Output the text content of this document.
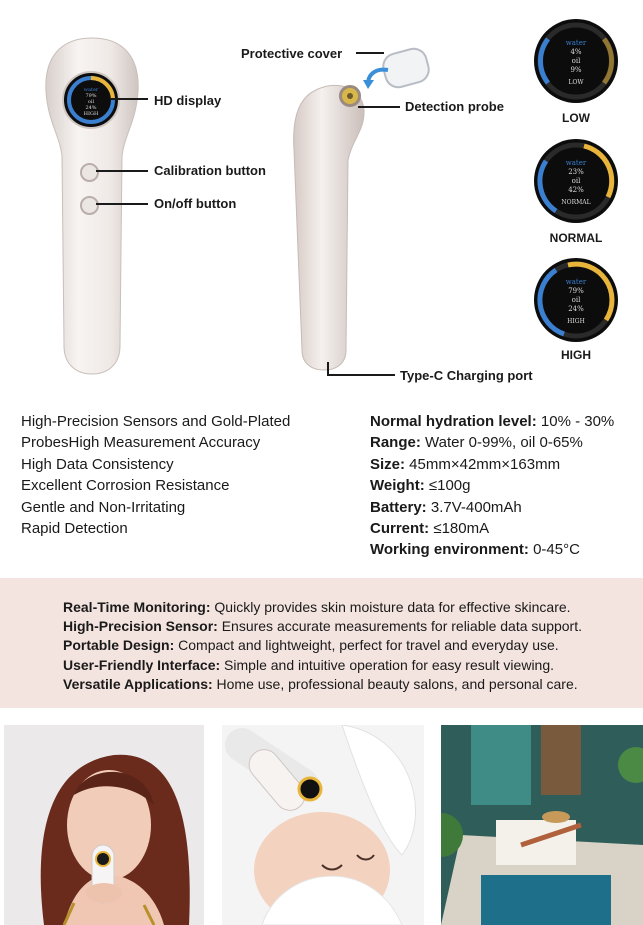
water
79%
oil
24%
HIGH
HD display
Calibration button
On/off button
Protective cover
Detection probe
Type-C Charging port
water
4%
oil
9%
LOW
LOW
water
23%
oil
42%
NORMAL
NORMAL
water
79%
oil
24%
HIGH
HIGH
High-Precision Sensors and Gold-Plated
ProbesHigh Measurement Accuracy
High Data Consistency
Excellent Corrosion Resistance
Gentle and Non-Irritating
Rapid Detection
Normal hydration level: 10% - 30%
Range: Water 0-99%, oil 0-65%
Size: 45mm×42mm×163mm
Weight: ≤100g
Battery: 3.7V-400mAh
Current: ≤180mA
Working environment: 0-45°C
Real-Time Monitoring: Quickly provides skin moisture data for effective skincare.
High-Precision Sensor: Ensures accurate measurements for reliable data support.
Portable Design: Compact and lightweight, perfect for travel and everyday use.
User-Friendly Interface: Simple and intuitive operation for easy result viewing.
Versatile Applications: Home use, professional beauty salons, and personal care.
